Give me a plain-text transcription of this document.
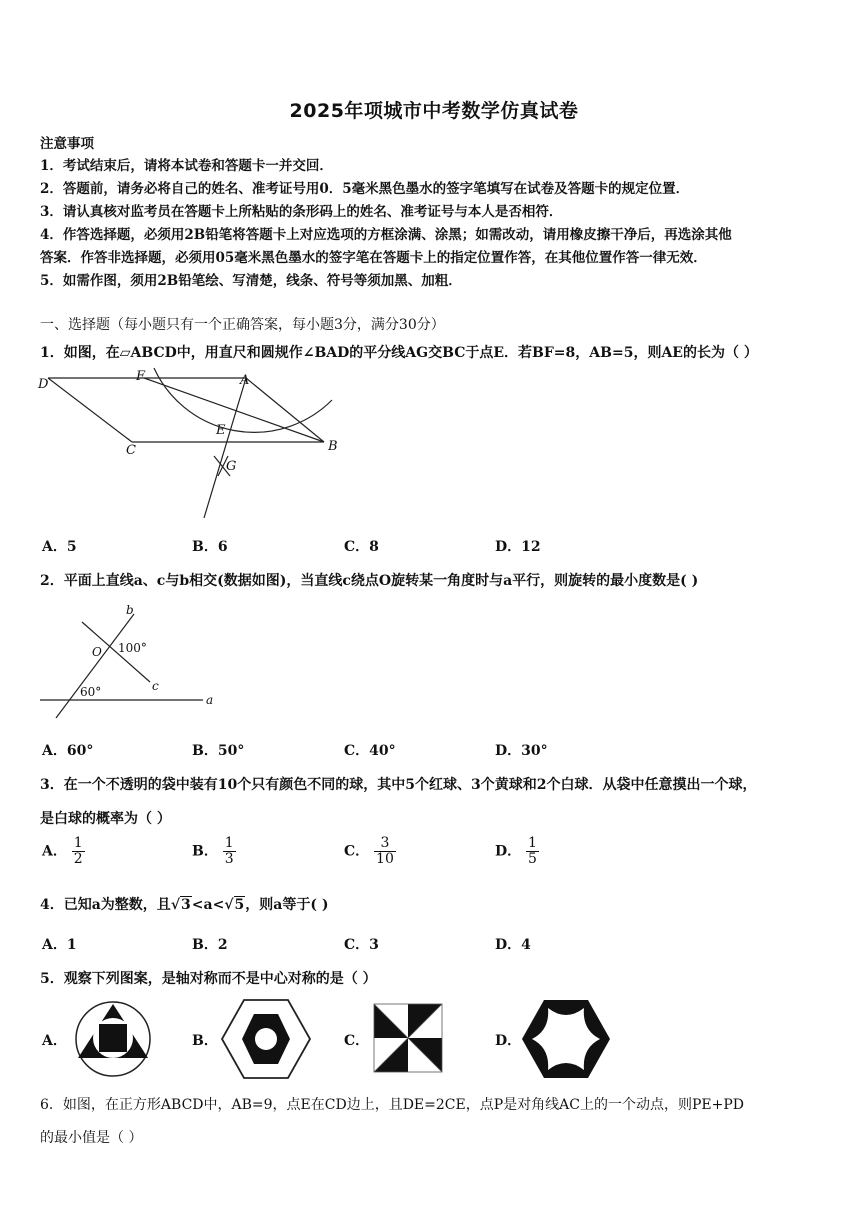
2025年项城市中考数学仿真试卷
注意事项
1．考试结束后，请将本试卷和答题卡一并交回．
2．答题前，请务必将自己的姓名、准考证号用0．5毫米黑色墨水的签字笔填写在试卷及答题卡的规定位置．
3．请认真核对监考员在答题卡上所粘贴的条形码上的姓名、准考证号与本人是否相符．
4．作答选择题，必须用2B铅笔将答题卡上对应选项的方框涂满、涂黑；如需改动，请用橡皮擦干净后，再选涂其他
答案．作答非选择题，必须用05毫米黑色墨水的签字笔在答题卡上的指定位置作答，在其他位置作答一律无效．
5．如需作图，须用2B铅笔绘、写清楚，线条、符号等须加黑、加粗．
一、选择题（每小题只有一个正确答案，每小题3分，满分30分）
1．如图，在▱ABCD中，用直尺和圆规作∠BAD的平分线AG交BC于点E．若BF=8，AB=5，则AE的长为（ ）
D
F	A
E
C	B
G
A．5	B．6	C．8	D．12
2．平面上直线a、c与b相交(数据如图)，当直线c绕点O旋转某一角度时与a平行，则旋转的最小度数是( )
b
O 100°
c
60°
a
A．60°	B．50°	C．40°	D．30°
3．在一个不透明的袋中装有10个只有颜色不同的球，其中5个红球、3个黄球和2个白球．从袋中任意摸出一个球，
是白球的概率为（ ）
A． $\frac{1}{2}$	B． $\frac{1}{3}$	C． $\frac{3}{10}$	D． $\frac{1}{5}$
4．已知a为整数，且√3<a<√5，则a等于( )
A．1	B．2	C．3	D．4
5．观察下列图案，是轴对称而不是中心对称的是（ ）
A．	B．	C．	D．
6．如图，在正方形ABCD中，AB=9，点E在CD边上，且DE=2CE，点P是对角线AC上的一个动点，则PE+PD
的最小值是（ ）
